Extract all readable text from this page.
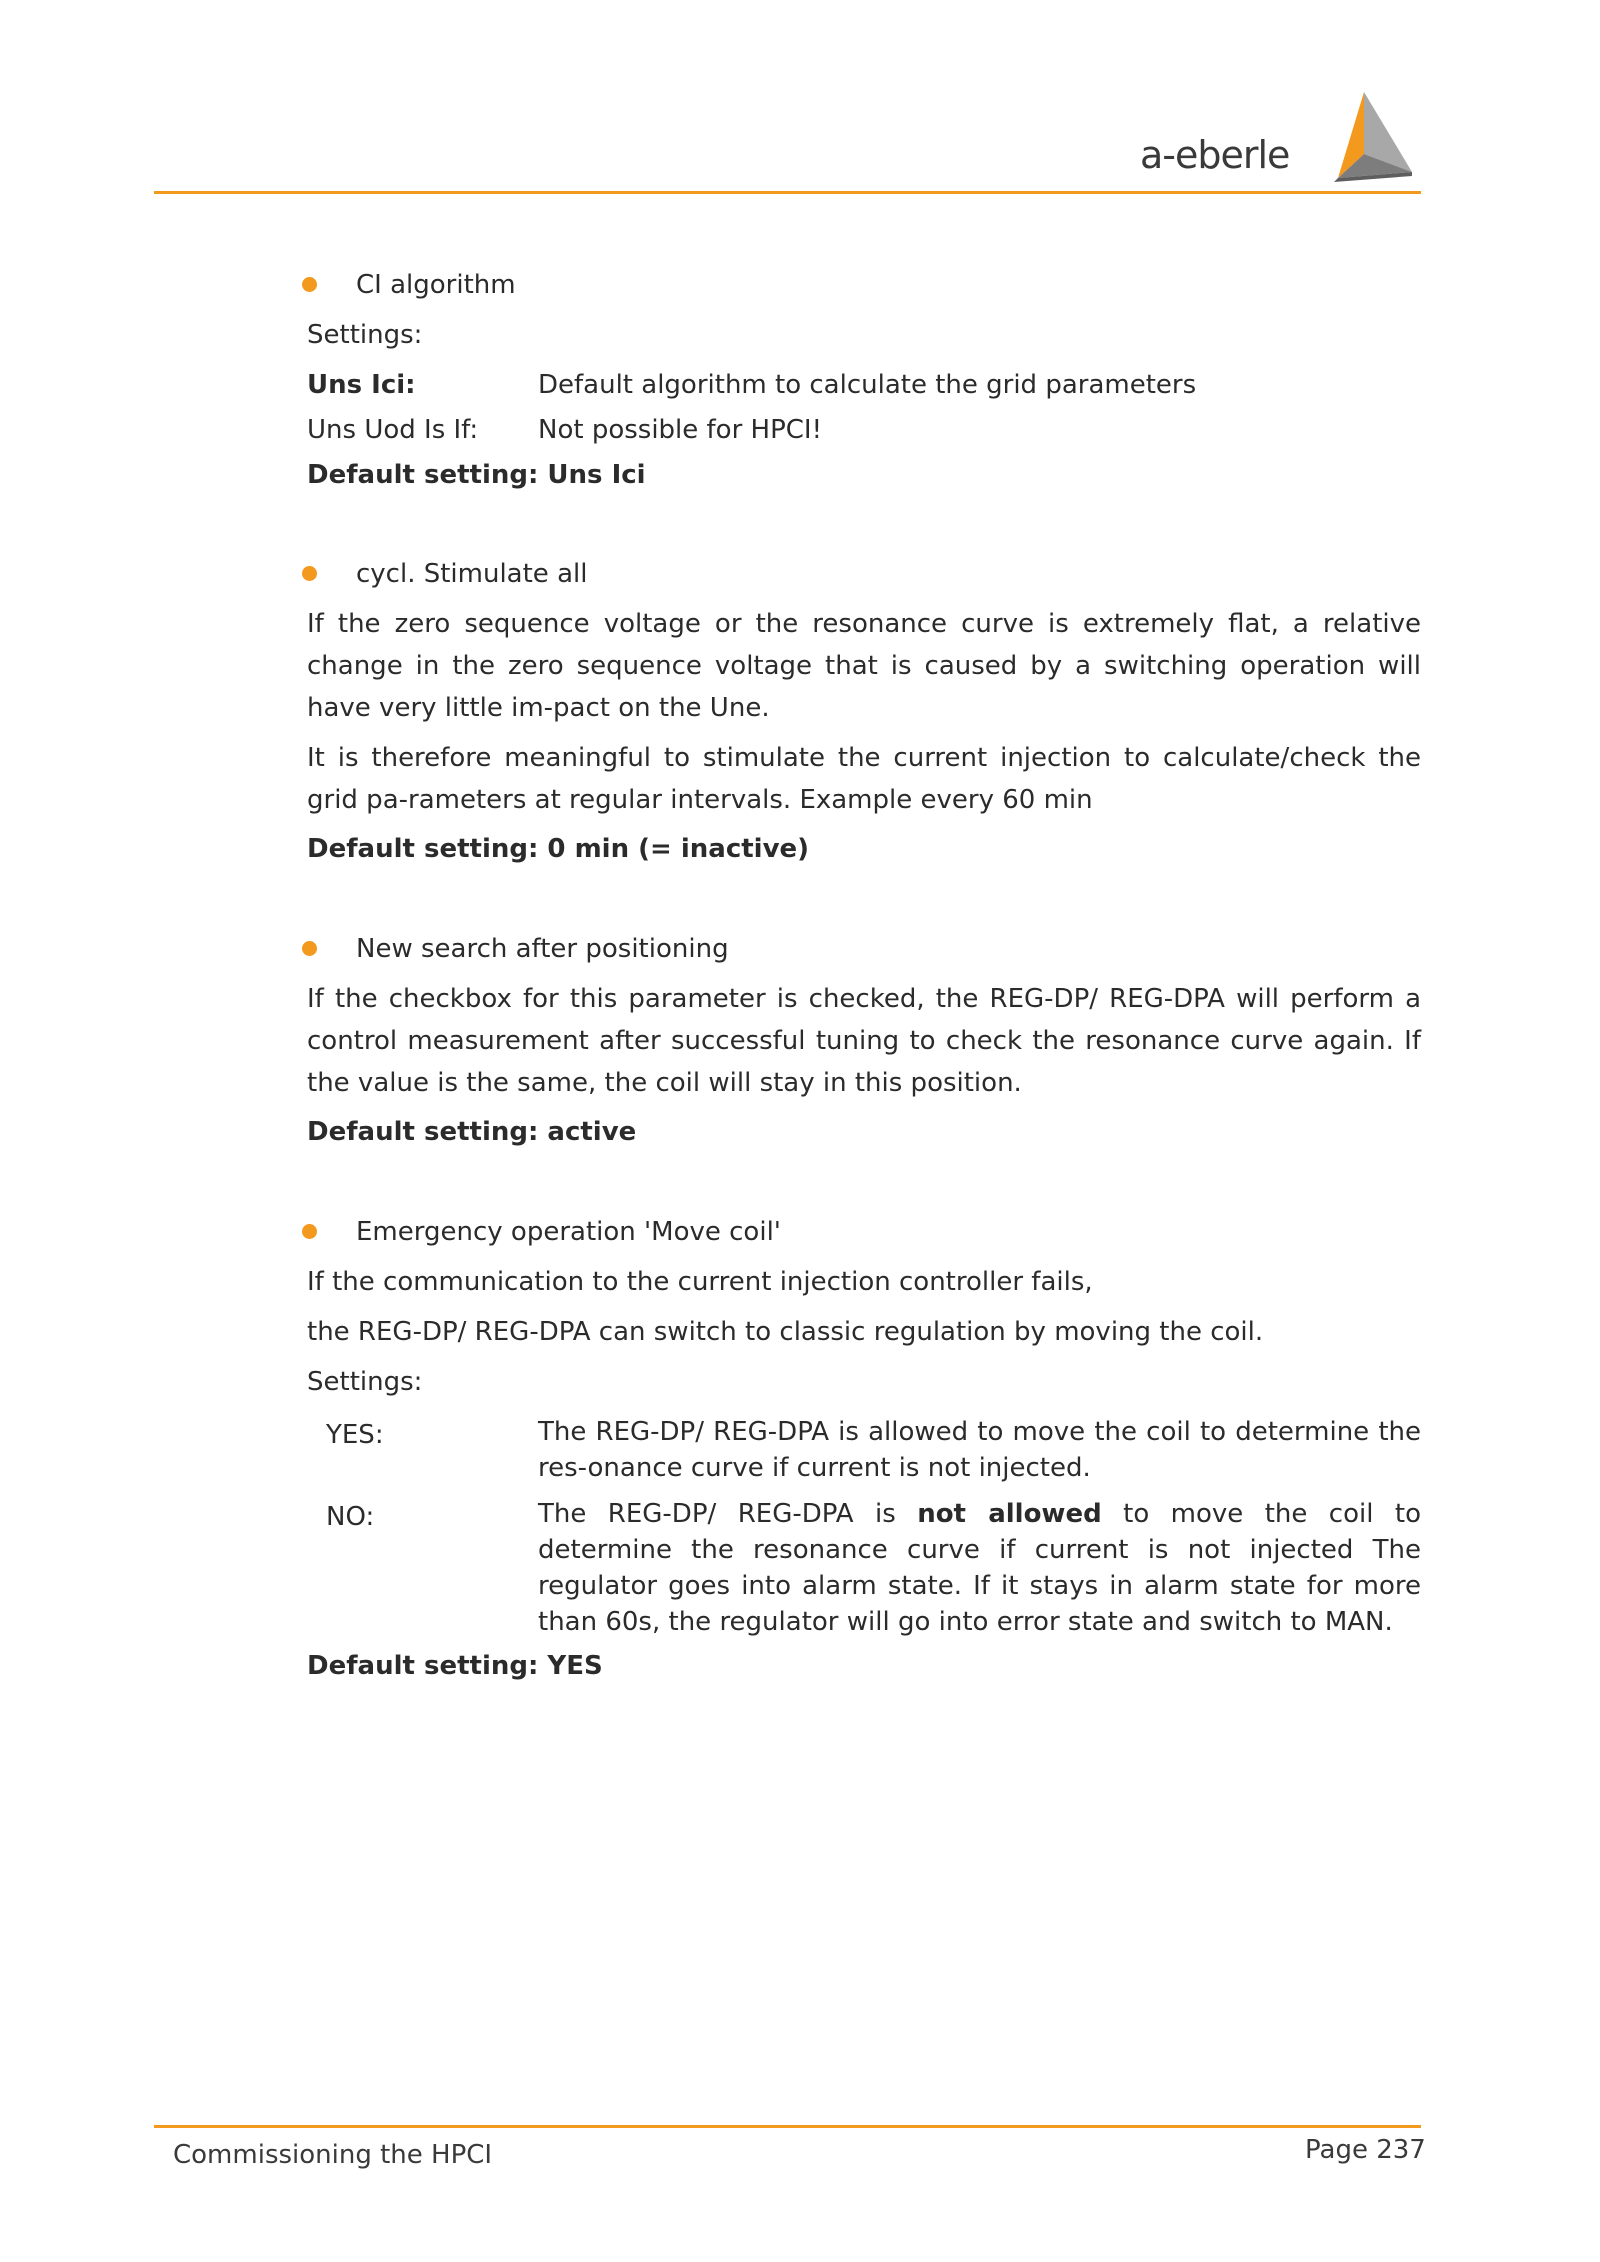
a-eberle
CI algorithm
Settings:
Uns Ici:	Default algorithm to calculate the grid parameters
Uns Uod Is If: Not possible for HPCI!
Default setting: Uns Ici
cycl. Stimulate all
If the zero sequence voltage or the resonance curve is extremely flat, a relative change in the zero sequence voltage that is caused by a switching operation will have very little im-pact on the Une.
It is therefore meaningful to stimulate the current injection to calculate/check the grid pa-rameters at regular intervals. Example every 60 min
Default setting: 0 min (= inactive)
New search after positioning
If the checkbox for this parameter is checked, the REG-DP/ REG-DPA will perform a control measurement after successful tuning to check the resonance curve again. If the value is the same, the coil will stay in this position.
Default setting: active
Emergency operation 'Move coil'
If the communication to the current injection controller fails,
the REG-DP/ REG-DPA can switch to classic regulation by moving the coil.
Settings:
YES:	The REG-DP/ REG-DPA is allowed to move the coil to determine the res-onance curve if current is not injected.
NO:	The REG-DP/ REG-DPA is not allowed to move the coil to determine the resonance curve if current is not injected The regulator goes into alarm state. If it stays in alarm state for more than 60s, the regulator will go into error state and switch to MAN.
Default setting: YES
Commissioning the HPCI	Page 237
